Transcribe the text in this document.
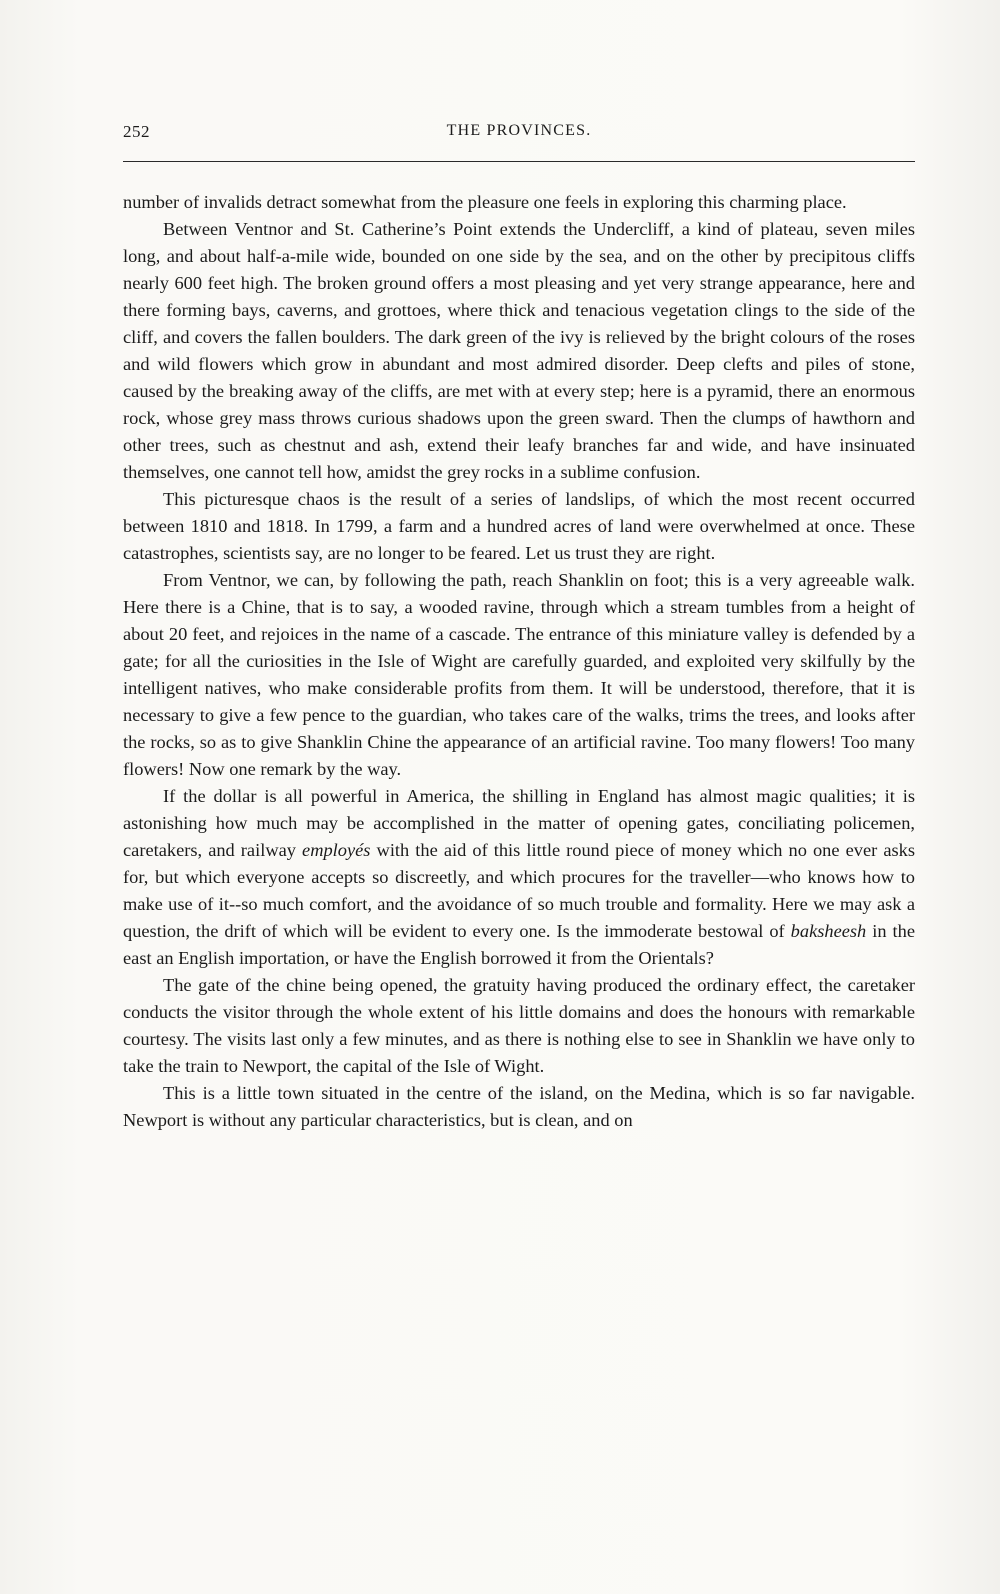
252	THE PROVINCES.

number of invalids detract somewhat from the pleasure one feels in exploring this charming place.

Between Ventnor and St. Catherine’s Point extends the Undercliff, a kind of plateau, seven miles long, and about half-a-mile wide, bounded on one side by the sea, and on the other by precipitous cliffs nearly 600 feet high. The broken ground offers a most pleasing and yet very strange appearance, here and there forming bays, caverns, and grottoes, where thick and tenacious vegetation clings to the side of the cliff, and covers the fallen boulders. The dark green of the ivy is relieved by the bright colours of the roses and wild flowers which grow in abundant and most admired disorder. Deep clefts and piles of stone, caused by the breaking away of the cliffs, are met with at every step; here is a pyramid, there an enormous rock, whose grey mass throws curious shadows upon the green sward. Then the clumps of hawthorn and other trees, such as chestnut and ash, extend their leafy branches far and wide, and have insinuated themselves, one cannot tell how, amidst the grey rocks in a sublime confusion.

This picturesque chaos is the result of a series of landslips, of which the most recent occurred between 1810 and 1818. In 1799, a farm and a hundred acres of land were overwhelmed at once. These catastrophes, scientists say, are no longer to be feared. Let us trust they are right.

From Ventnor, we can, by following the path, reach Shanklin on foot; this is a very agreeable walk. Here there is a Chine, that is to say, a wooded ravine, through which a stream tumbles from a height of about 20 feet, and rejoices in the name of a cascade. The entrance of this miniature valley is defended by a gate; for all the curiosities in the Isle of Wight are carefully guarded, and exploited very skilfully by the intelligent natives, who make considerable profits from them. It will be understood, therefore, that it is necessary to give a few pence to the guardian, who takes care of the walks, trims the trees, and looks after the rocks, so as to give Shanklin Chine the appearance of an artificial ravine. Too many flowers! Too many flowers! Now one remark by the way.

If the dollar is all powerful in America, the shilling in England has almost magic qualities; it is astonishing how much may be accomplished in the matter of opening gates, conciliating policemen, caretakers, and railway employés with the aid of this little round piece of money which no one ever asks for, but which everyone accepts so discreetly, and which procures for the traveller—who knows how to make use of it--so much comfort, and the avoidance of so much trouble and formality. Here we may ask a question, the drift of which will be evident to every one. Is the immoderate bestowal of baksheesh in the east an English importation, or have the English borrowed it from the Orientals?

The gate of the chine being opened, the gratuity having produced the ordinary effect, the caretaker conducts the visitor through the whole extent of his little domains and does the honours with remarkable courtesy. The visits last only a few minutes, and as there is nothing else to see in Shanklin we have only to take the train to Newport, the capital of the Isle of Wight.

This is a little town situated in the centre of the island, on the Medina, which is so far navigable. Newport is without any particular characteristics, but is clean, and on
